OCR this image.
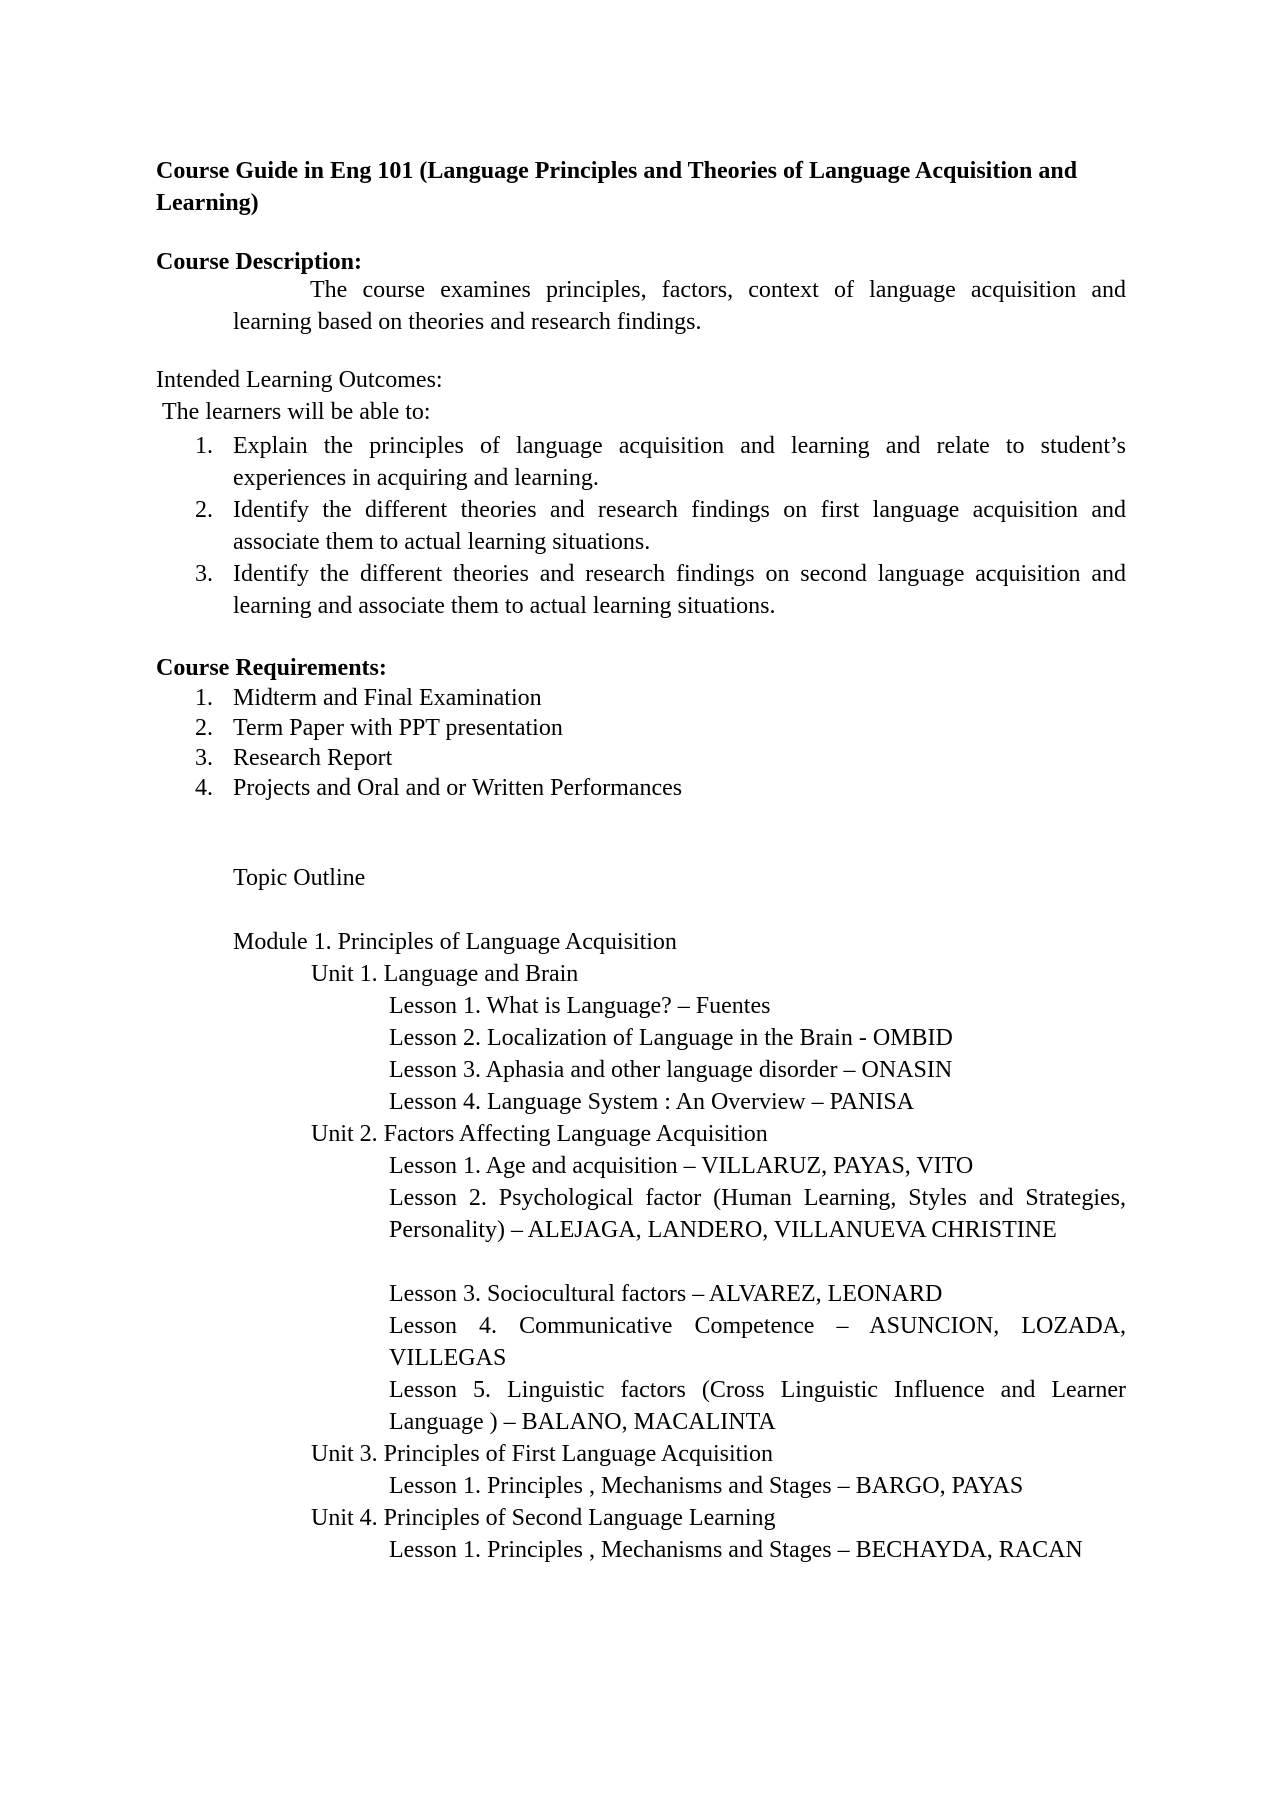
Course Guide in Eng 101 (Language Principles and Theories of Language Acquisition and Learning)
Course Description:
The course examines principles, factors, context of language acquisition and learning based on theories and research findings.
Intended Learning Outcomes:
The learners will be able to:
1. Explain the principles of language acquisition and learning and relate to student’s experiences in acquiring and learning.
2. Identify the different theories and research findings on first language acquisition and associate them to actual learning situations.
3. Identify the different theories and research findings on second language acquisition and learning and associate them to actual learning situations.
Course Requirements:
1. Midterm and Final Examination
2. Term Paper with PPT presentation
3. Research Report
4. Projects and Oral and or Written Performances
Topic Outline
Module 1. Principles of Language Acquisition
Unit 1. Language and Brain
Lesson 1. What is Language? – Fuentes
Lesson 2. Localization of Language in the Brain - OMBID
Lesson 3. Aphasia and other language disorder – ONASIN
Lesson 4. Language System : An Overview – PANISA
Unit 2. Factors Affecting Language Acquisition
Lesson 1. Age and acquisition – VILLARUZ, PAYAS, VITO
Lesson 2. Psychological factor (Human Learning, Styles and Strategies, Personality) – ALEJAGA, LANDERO, VILLANUEVA CHRISTINE
Lesson 3. Sociocultural factors – ALVAREZ, LEONARD
Lesson 4. Communicative Competence – ASUNCION, LOZADA, VILLEGAS
Lesson 5. Linguistic factors (Cross Linguistic Influence and Learner Language ) – BALANO, MACALINTA
Unit 3. Principles of First Language Acquisition
Lesson 1. Principles , Mechanisms and Stages – BARGO, PAYAS
Unit 4. Principles of Second Language Learning
Lesson 1. Principles , Mechanisms and Stages – BECHAYDA, RACAN
